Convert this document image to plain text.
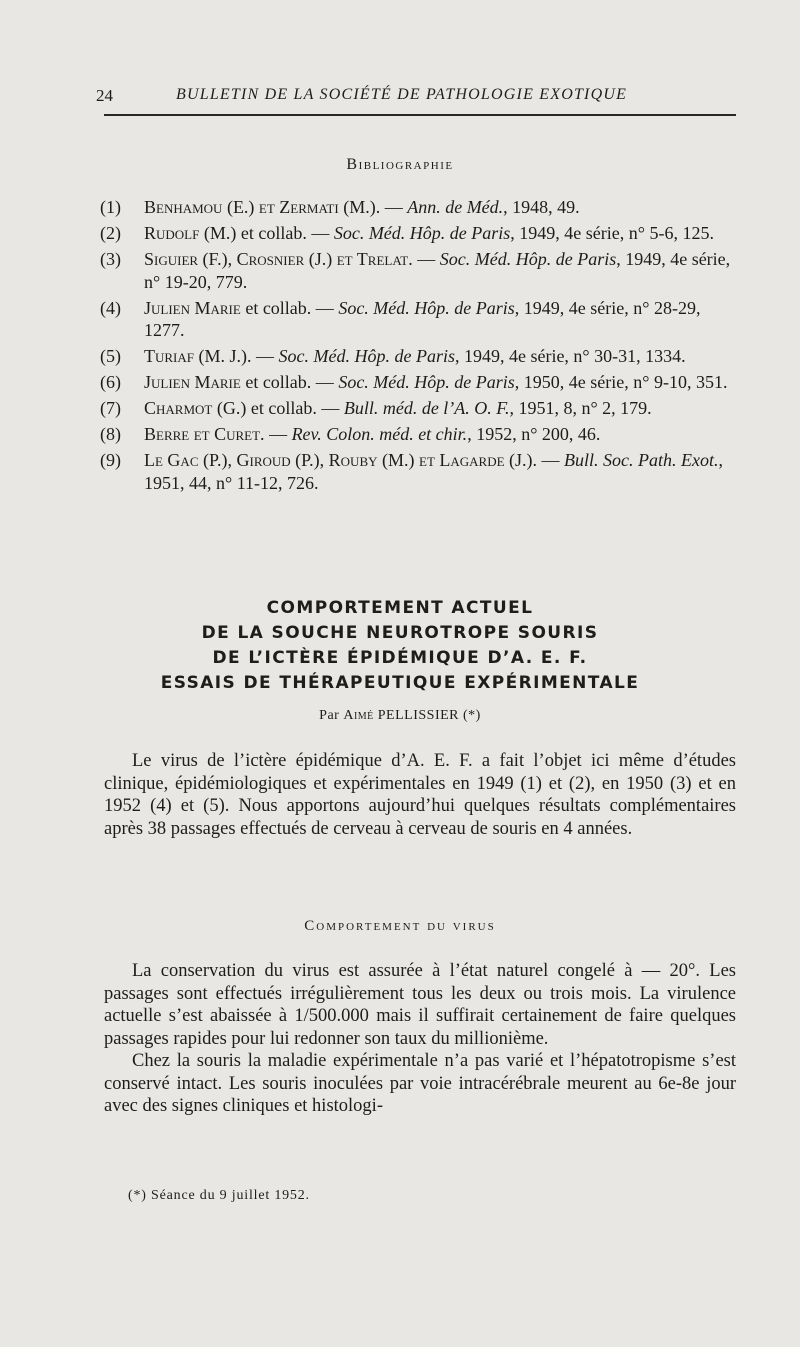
24	BULLETIN DE LA SOCIÉTÉ DE PATHOLOGIE EXOTIQUE
Bibliographie
(1) Benhamou (E.) et Zermati (M.). — Ann. de Méd., 1948, 49.
(2) Rudolf (M.) et collab. — Soc. Méd. Hôp. de Paris, 1949, 4e série, n° 5-6, 125.
(3) Siguier (F.), Crosnier (J.) et Trelat. — Soc. Méd. Hôp. de Paris, 1949, 4e série, n° 19-20, 779.
(4) Julien Marie et collab. — Soc. Méd. Hôp. de Paris, 1949, 4e série, n° 28-29, 1277.
(5) Turiaf (M. J.). — Soc. Méd. Hôp. de Paris, 1949, 4e série, n° 30-31, 1334.
(6) Julien Marie et collab. — Soc. Méd. Hôp. de Paris, 1950, 4e série, n° 9-10, 351.
(7) Charmot (G.) et collab. — Bull. méd. de l’A. O. F., 1951, 8, n° 2, 179.
(8) Berre et Curet. — Rev. Colon. méd. et chir., 1952, n° 200, 46.
(9) Le Gac (P.), Giroud (P.), Rouby (M.) et Lagarde (J.). — Bull. Soc. Path. Exot., 1951, 44, n° 11-12, 726.
COMPORTEMENT ACTUEL
DE LA SOUCHE NEUROTROPE SOURIS
DE L’ICTÈRE ÉPIDÉMIQUE D’A. E. F.
ESSAIS DE THÉRAPEUTIQUE EXPÉRIMENTALE
Par Aimé PELLISSIER (*)

Le virus de l’ictère épidémique d’A. E. F. a fait l’objet ici même d’études clinique, épidémiologiques et expérimentales en 1949 (1) et (2), en 1950 (3) et en 1952 (4) et (5). Nous apportons aujourd’hui quelques résultats complémentaires après 38 passages effectués de cerveau à cerveau de souris en 4 années.

Comportement du virus

La conservation du virus est assurée à l’état naturel congelé à — 20°. Les passages sont effectués irrégulièrement tous les deux ou trois mois. La virulence actuelle s’est abaissée à 1/500.000 mais il suffirait certainement de faire quelques passages rapides pour lui redonner son taux du millionième.

Chez la souris la maladie expérimentale n’a pas varié et l’hépatotropisme s’est conservé intact. Les souris inoculées par voie intracérébrale meurent au 6e-8e jour avec des signes cliniques et histologi-

(*) Séance du 9 juillet 1952.
